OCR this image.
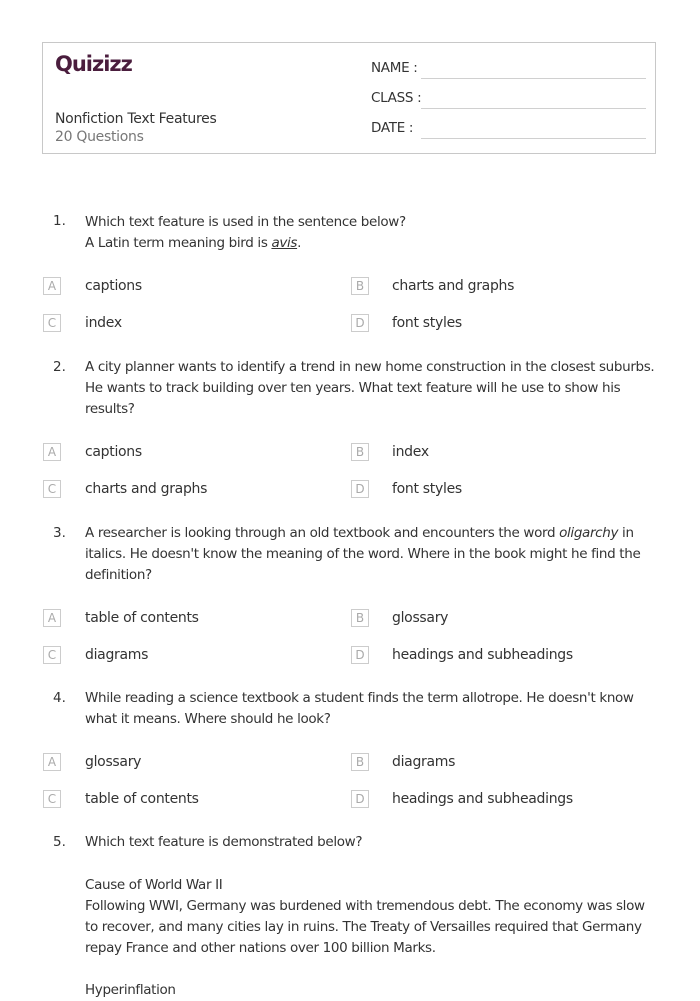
Quizizz
Nonfiction Text Features
20 Questions
NAME :
CLASS :
DATE :
1. Which text feature is used in the sentence below?
A Latin term meaning bird is avis.
A	captions	B	charts and graphs
C	index	D	font styles
2. A city planner wants to identify a trend in new home construction in the closest suburbs. He wants to track building over ten years. What text feature will he use to show his results?
A	captions	B	index
C	charts and graphs	D	font styles
3. A researcher is looking through an old textbook and encounters the word oligarchy in italics. He doesn't know the meaning of the word. Where in the book might he find the definition?
A	table of contents	B	glossary
C	diagrams	D	headings and subheadings
4. While reading a science textbook a student finds the term allotrope. He doesn't know what it means. Where should he look?
A	glossary	B	diagrams
C	table of contents	D	headings and subheadings
5. Which text feature is demonstrated below?
Cause of World War II
Following WWI, Germany was burdened with tremendous debt. The economy was slow to recover, and many cities lay in ruins. The Treaty of Versailles required that Germany repay France and other nations over 100 billion Marks.
Hyperinflation
